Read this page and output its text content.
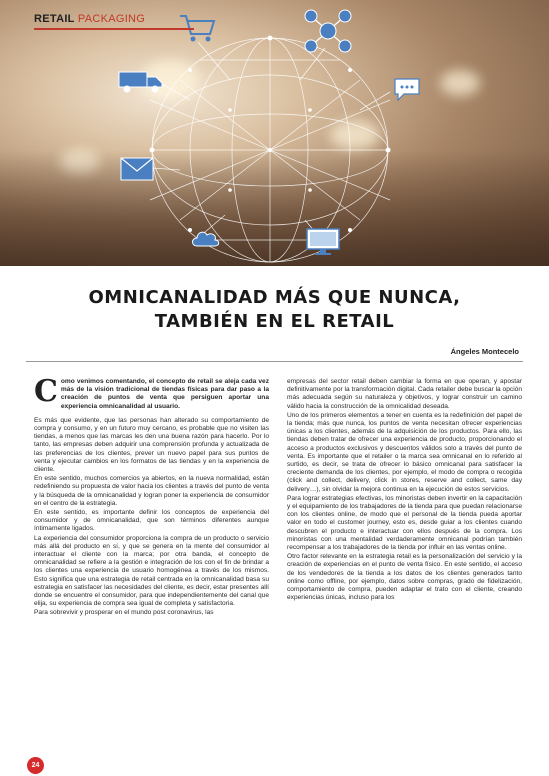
RETAIL PACKAGING
OMNICANALIDAD MÁS QUE NUNCA,
TAMBIÉN EN EL RETAIL
Ángeles Montecelo

Como venimos comentando, el concepto de retail se aleja cada vez más de la visión tradicional de tiendas físicas para dar paso a la creación de puntos de venta que persiguen aportar una experiencia omnicanalidad al usuario.

Es más que evidente, que las personas han alterado su comportamiento de compra y consumo, y en un futuro muy cercano, es probable que no visiten las tiendas, a menos que las marcas les den una buena razón para hacerlo. Por lo tanto, las empresas deben adquirir una comprensión profunda y actualizada de las preferencias de los clientes, prever un nuevo papel para sus puntos de venta y ejecutar cambios en los formatos de las tiendas y en la experiencia de cliente.

En este sentido, muchos comercios ya abiertos, en la nueva normalidad, están redefiniendo su propuesta de valor hacia los clientes a través del punto de venta y la búsqueda de la omnicanalidad y logran poner la experiencia de consumidor en el centro de la estrategia.

En este sentido, es importante definir los conceptos de experiencia del consumidor y de omnicanalidad, que son términos diferentes aunque íntimamente ligados.

La experiencia del consumidor proporciona la compra de un producto o servicio más allá del producto en sí, y que se genera en la mente del consumidor al interactuar el cliente con la marca; por otra banda, el concepto de omnicanalidad se refiere a la gestión e integración de los con el fin de brindar a los clientes una experiencia de usuario homogénea a través de los mismos. Esto significa que una estrategia de retail centrada en la omnicanalidad basa su estrategia en satisfacer las necesidades del cliente, es decir, estar presentes allí donde se encuentre el consumidor, para que independientemente del canal que elija, su experiencia de compra sea igual de completa y satisfactoria.

Para sobrevivir y prosperar en el mundo post coronavirus, las

empresas del sector retail deben cambiar la forma en que operan, y apostar definitivamente por la transformación digital. Cada retailer debe buscar la opción más adecuada según su naturaleza y objetivos, y lograr construir un camino válido hacia la construcción de la omnicalidad deseada.

Uno de los primeros elementos a tener en cuenta es la redefinición del papel de la tienda; más que nunca, los puntos de venta necesitan ofrecer experiencias únicas a los clientes, además de la adquisición de los productos. Para ello, las tiendas deben tratar de ofrecer una experiencia de producto, proporcionando el acceso a productos exclusivos y descuentos válidos solo a través del punto de venta. Es importante que el retailer o la marca sea omnicanal en lo referido al surtido, es decir, se trata de ofrecer lo básico omnicanal para satisfacer la creciente demanda de los clientes, por ejemplo, el modo de compra o recogida (click and collect, delivery, click in stores, reserve and collect, same day delivery…), sin olvidar la mejora continua en la ejecución de estos servicios.

Para lograr estrategias efectivas, los minoristas deben invertir en la capacitación y el equipamiento de los trabajadores de la tienda para que puedan relacionarse con los clientes online, de modo que el personal de la tienda pueda aportar valor en todo el customer journey, esto es, desde guiar a los clientes cuando descubren el producto e interactuar con ellos después de la compra. Los minoristas con una mentalidad verdaderamente omnicanal podrían también recompensar a los trabajadores de la tienda por influir en las ventas online.

Otro factor relevante en la estrategia retail es la personalización del servicio y la creación de experiencias en el punto de venta físico. En este sentido, el acceso de los vendedores de la tienda a los datos de los clientes generados tanto online como offline, por ejemplo, datos sobre compras, grado de fidelización, comportamiento de compra, pueden adaptar el trato con el cliente, creando experiencias únicas, incluso para los

24
